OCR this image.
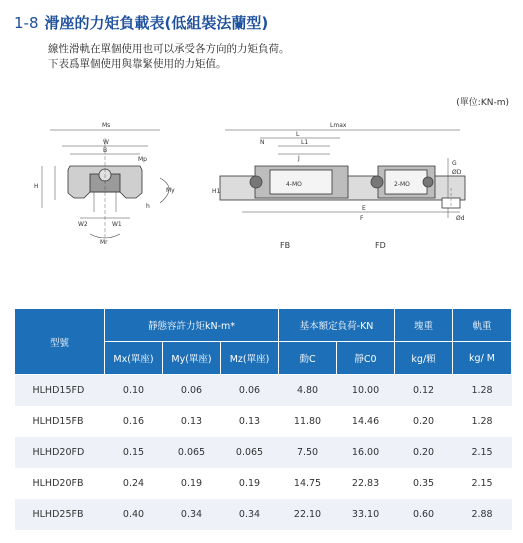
1-8 滑座的力矩負載表(低組裝法蘭型)
線性滑軌在單個使用也可以承受各方向的力矩負荷。
下表爲單個使用與靠緊使用的力矩值。
(單位:KN-m)
Ms
W
B
Mp
My
Mr
W2	W1
H
h
Lmax
L
L1
N
J
E
F
G
ØD
Ød
H1
4-MO	2-MO
FB	FD
型號	靜態容許力矩kN-m*			基本額定負荷-KN		塊重	軌重
	Mx(單座)	My(單座)	Mz(單座)	動C	靜C0	kg/顆	kg/ M
HLHD15FD	0.10	0.06	0.06	4.80	10.00	0.12	1.28
HLHD15FB	0.16	0.13	0.13	11.80	14.46	0.20	1.28
HLHD20FD	0.15	0.065	0.065	7.50	16.00	0.20	2.15
HLHD20FB	0.24	0.19	0.19	14.75	22.83	0.35	2.15
HLHD25FB	0.40	0.34	0.34	22.10	33.10	0.60	2.88
